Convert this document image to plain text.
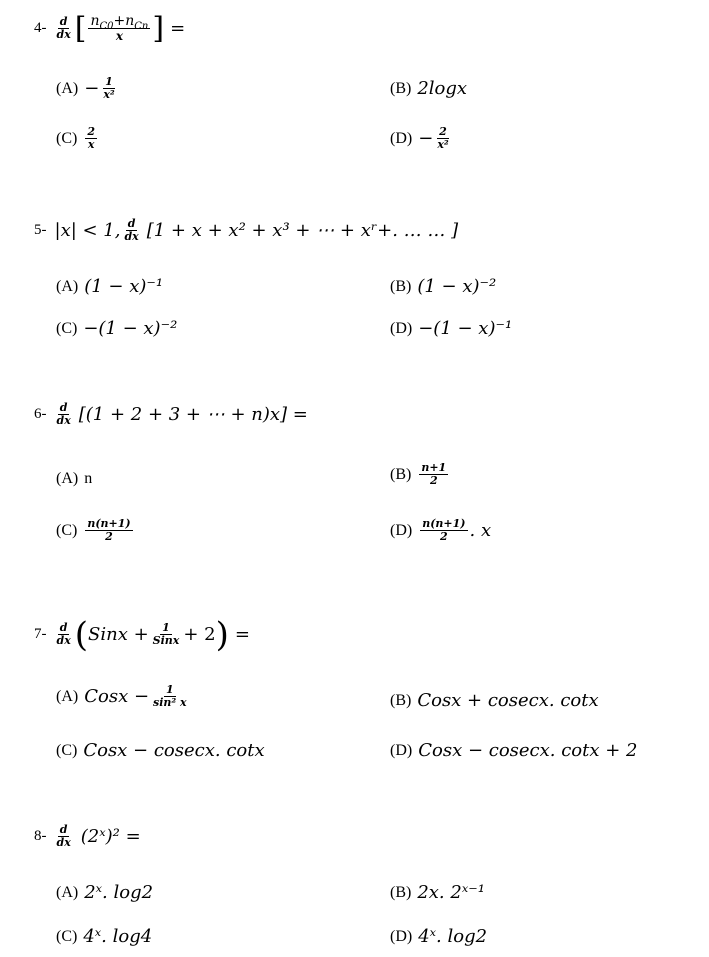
$4- \frac{d}{dx}$ [ $\frac{n_{C0}+n_{Cn}}{x}$ ] =
$(A) - \frac{1}{\text{x²}}$	(B) 2logx
$(C) \frac{2}{x}$	$(D) - \frac{2}{\text{x²}}$
5- |x| < 1, $\frac{d}{dx} [1 + x + x^2 + x^3$ + ⋯ + xʳ+. … … ]
(A) (1 − x)⁻¹	(B) (1 − x)⁻²
(C) −(1 − x)⁻²	(D) −(1 − x)⁻¹
$6- \frac{d}{dx} [(1 + 2 + 3$ + ⋯ + n)x] =
(A) n	$(B) \frac{n+1}{2}$
$(C) \frac{n(n+1)}{2}$	$(D) \frac{n(n+1)}{2}$ . x
$7- \frac{d}{dx}$ ( Sinx + $\frac{1}{\text{Sinx}} + 2$ ) =
(A) Cosx − $\frac{1}{\text{sin² x}}$	(B) Cosx + cosecx. cotx
(C) Cosx − cosecx. cotx	(D) Cosx − cosecx. cotx + 2
$8- \frac{d}{dx}$ (2ˣ)² =
(A) 2ˣ. log2	(B) 2x. 2ˣ⁻¹
(C) 4ˣ. log4	(D) 4ˣ. log2
